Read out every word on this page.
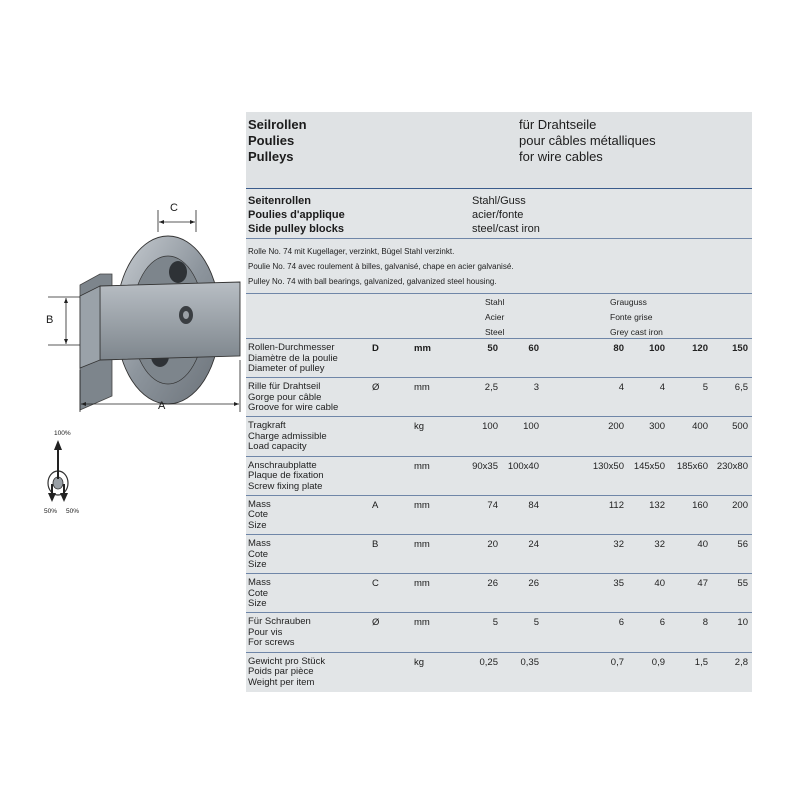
C
B
A
100%
50% 50%
Seilrollen
Poulies
Pulleys
für Drahtseile
pour câbles métalliques
for wire cables
Seitenrollen
Poulies d'applique
Side pulley blocks
Stahl/Guss
acier/fonte
steel/cast iron
Rolle No. 74 mit Kugellager, verzinkt, Bügel Stahl verzinkt.
Poulie No. 74 avec roulement à billes, galvanisé, chape en acier galvanisé.
Pulley No. 74 with ball bearings, galvanized, galvanized steel housing.
Stahl
Acier
Steel
Grauguss
Fonte grise
Grey cast iron
Rollen-Durchmesser
Diamètre de la poulie
Diameter of pulley
D	mm	50	60	80	100	120	150
Rille für Drahtseil
Gorge pour câble
Groove for wire cable
Ø	mm	2,5	3	4	4	5	6,5
Tragkraft
Charge admissible
Load capacity
kg	100	100	200	300	400	500
Anschraubplatte
Plaque de fixation
Screw fixing plate
mm	90x35	100x40	130x50	145x50	185x60 230x80
Mass
Cote
Size
A	mm	74	84	112	132	160	200
Mass
Cote
Size
B	mm	20	24	32	32	40	56
Mass
Cote
Size
C	mm	26	26	35	40	47	55
Für Schrauben
Pour vis
For screws
Ø	mm	5	5	6	6	8	10
Gewicht pro Stück
Poids par pièce
Weight per item
kg	0,25	0,35	0,7	0,9	1,5	2,8
